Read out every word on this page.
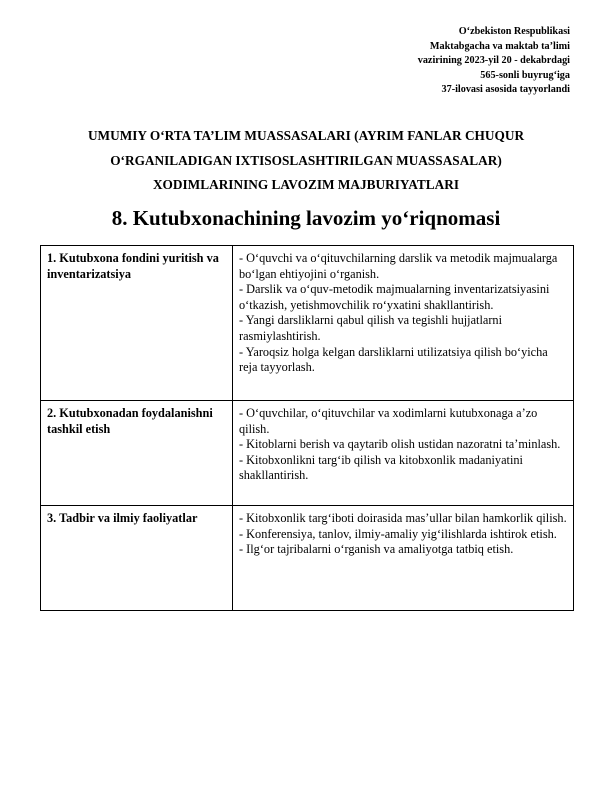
O‘zbekiston Respublikasi
Maktabgacha va maktab ta’limi
vazirining 2023-yil 20 - dekabrdagi
565-sonli buyrug‘iga
37-ilovasi asosida tayyorlandi
UMUMIY O‘RTA TA’LIM MUASSASALARI (AYRIM FANLAR CHUQUR
O‘RGANILADIGAN IXTISOSLASHTIRILGAN MUASSASALAR)
XODIMLARINING LAVOZIM MAJBURIYATLARI
8. Kutubxonachining lavozim yo‘riqnomasi
1. Kutubxona fondini yuritish va inventarizatsiya	- O‘quvchi va o‘qituvchilarning darslik va metodik majmualarga bo‘lgan ehtiyojini o‘rganish.
- Darslik va o‘quv-metodik majmualarning inventarizatsiyasini o‘tkazish, yetishmovchilik ro‘yxatini shakllantirish.
- Yangi darsliklarni qabul qilish va tegishli hujjatlarni rasmiylashtirish.
- Yaroqsiz holga kelgan darsliklarni utilizatsiya qilish bo‘yicha reja tayyorlash.

2. Kutubxonadan foydalanishni tashkil etish	- O‘quvchilar, o‘qituvchilar va xodimlarni kutubxonaga a’zo qilish.
- Kitoblarni berish va qaytarib olish ustidan nazoratni ta’minlash.
- Kitobxonlikni targ‘ib qilish va kitobxonlik madaniyatini shakllantirish.

3. Tadbir va ilmiy faoliyatlar	- Kitobxonlik targ‘iboti doirasida mas’ullar bilan hamkorlik qilish.
- Konferensiya, tanlov, ilmiy-amaliy yig‘ilishlarda ishtirok etish.
- Ilg‘or tajribalarni o‘rganish va amaliyotga tatbiq etish.
